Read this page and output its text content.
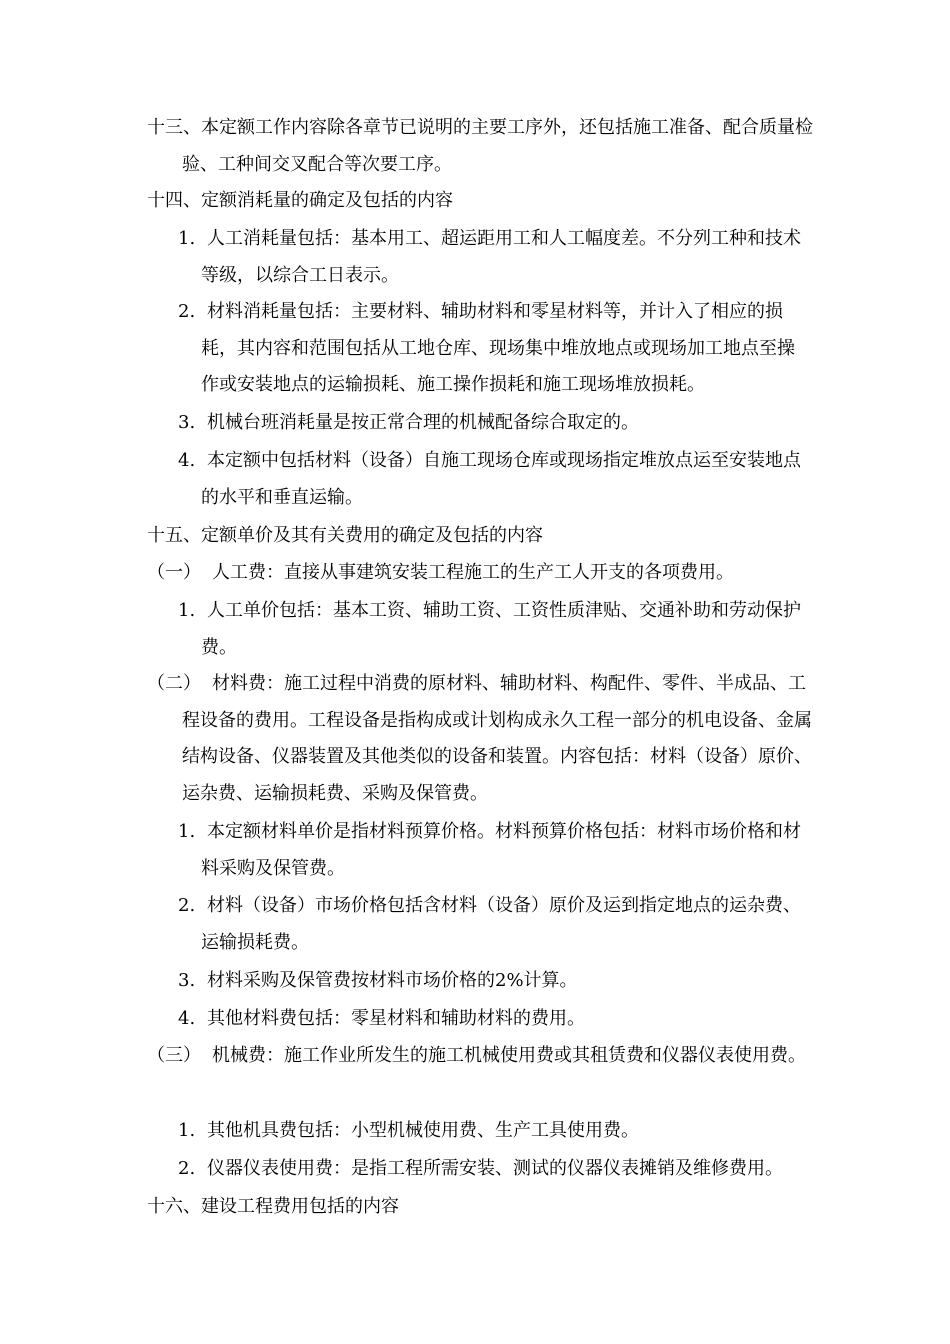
十三、本定额工作内容除各章节已说明的主要工序外，还包括施工准备、配合质量检验、工种间交叉配合等次要工序。

十四、定额消耗量的确定及包括的内容

1. 人工消耗量包括：基本用工、超运距用工和人工幅度差。不分列工种和技术等级，以综合工日表示。

2. 材料消耗量包括：主要材料、辅助材料和零星材料等，并计入了相应的损耗，其内容和范围包括从工地仓库、现场集中堆放地点或现场加工地点至操作或安装地点的运输损耗、施工操作损耗和施工现场堆放损耗。

3. 机械台班消耗量是按正常合理的机械配备综合取定的。

4. 本定额中包括材料（设备）自施工现场仓库或现场指定堆放点运至安装地点的水平和垂直运输。

十五、定额单价及其有关费用的确定及包括的内容

（一） 人工费：直接从事建筑安装工程施工的生产工人开支的各项费用。

1. 人工单价包括：基本工资、辅助工资、工资性质津贴、交通补助和劳动保护费。

（二） 材料费：施工过程中消费的原材料、辅助材料、构配件、零件、半成品、工程设备的费用。工程设备是指构成或计划构成永久工程一部分的机电设备、金属结构设备、仪器装置及其他类似的设备和装置。内容包括：材料（设备）原价、运杂费、运输损耗费、采购及保管费。

1. 本定额材料单价是指材料预算价格。材料预算价格包括：材料市场价格和材料采购及保管费。

2. 材料（设备）市场价格包括含材料（设备）原价及运到指定地点的运杂费、运输损耗费。

3. 材料采购及保管费按材料市场价格的2%计算。

4. 其他材料费包括：零星材料和辅助材料的费用。

（三） 机械费：施工作业所发生的施工机械使用费或其租赁费和仪器仪表使用费。

1. 其他机具费包括：小型机械使用费、生产工具使用费。

2. 仪器仪表使用费：是指工程所需安装、测试的仪器仪表摊销及维修费用。

十六、建设工程费用包括的内容
